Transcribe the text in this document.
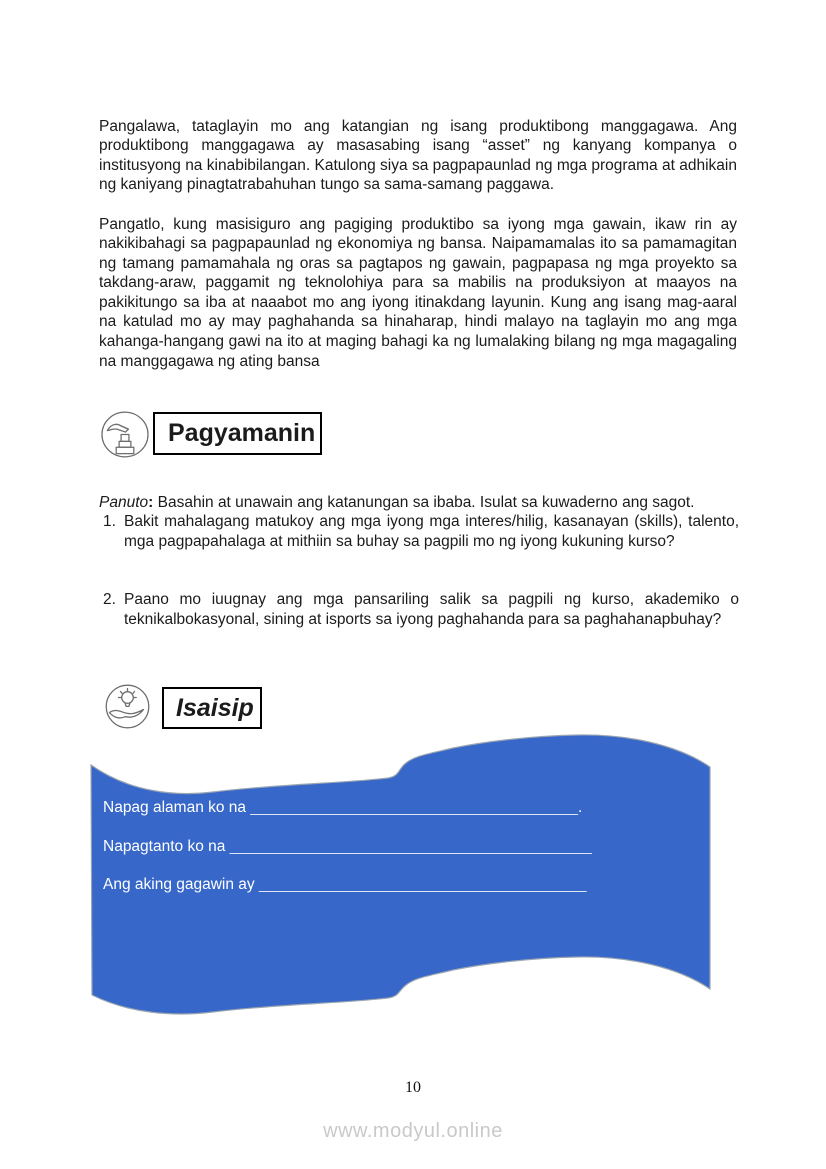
Pangalawa, tataglayin mo ang katangian ng isang produktibong manggagawa. Ang produktibong manggagawa ay masasabing isang “asset” ng kanyang kompanya o institusyong na kinabibilangan. Katulong siya sa pagpapaunlad ng mga programa at adhikain ng kaniyang pinagtatrabahuhan tungo sa sama-samang paggawa.

Pangatlo, kung masisiguro ang pagiging produktibo sa iyong mga gawain, ikaw rin ay nakikibahagi sa pagpapaunlad ng ekonomiya ng bansa. Naipamamalas ito sa pamamagitan ng tamang pamamahala ng oras sa pagtapos ng gawain, pagpapasa ng mga proyekto sa takdang-araw, paggamit ng teknolohiya para sa mabilis na produksiyon at maayos na pakikitungo sa iba at naaabot mo ang iyong itinakdang layunin. Kung ang isang mag-aaral na katulad mo ay may paghahanda sa hinaharap, hindi malayo na taglayin mo ang mga kahanga-hangang gawi na ito at maging bahagi ka ng lumalaking bilang ng mga magagaling na manggagawa ng ating bansa

Pagyamanin

Panuto: Basahin at unawain ang katanungan sa ibaba. Isulat sa kuwaderno ang sagot.

1. Bakit mahalagang matukoy ang mga iyong mga interes/hilig, kasanayan (skills), talento, mga pagpapahalaga at mithiin sa buhay sa pagpili mo ng iyong kukuning kurso?
2. Paano mo iuugnay ang mga pansariling salik sa pagpili ng kurso, akademiko o teknikalbokasyonal, sining at isports sa iyong paghahanda para sa paghahanapbuhay?
Isaisip
Napag alaman ko na ______________________________________.
Napagtanto ko na __________________________________________
Ang aking gagawin ay ______________________________________
10
www.modyul.online
